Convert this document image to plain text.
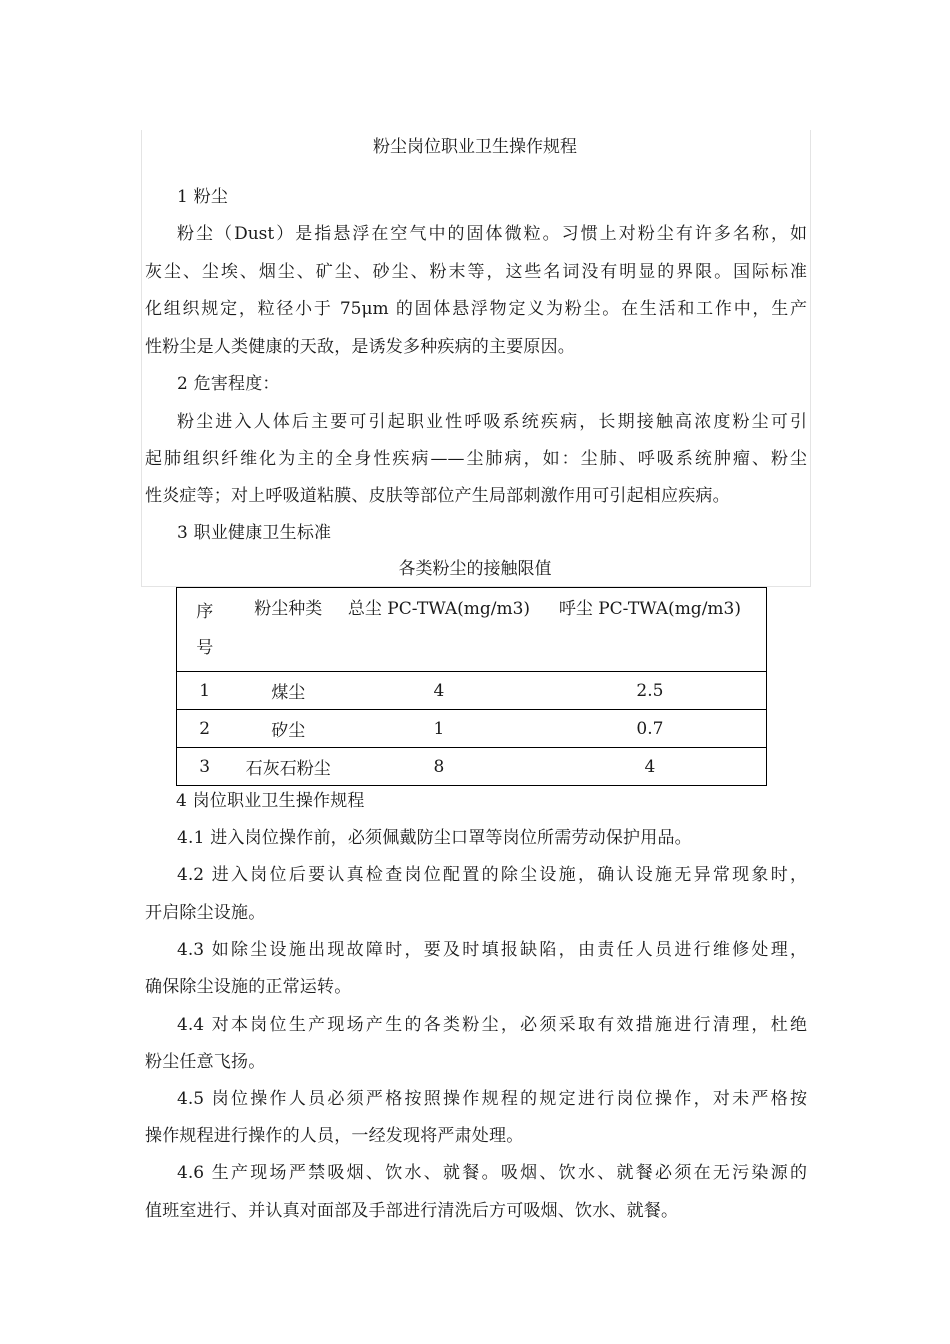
粉尘岗位职业卫生操作规程
1 粉尘
粉尘（Dust）是指悬浮在空气中的固体微粒。习惯上对粉尘有许多名称，如
灰尘、尘埃、烟尘、矿尘、砂尘、粉末等，这些名词没有明显的界限。国际标准
化组织规定，粒径小于 75μm 的固体悬浮物定义为粉尘。在生活和工作中，生产
性粉尘是人类健康的天敌，是诱发多种疾病的主要原因。
2 危害程度：
粉尘进入人体后主要可引起职业性呼吸系统疾病，长期接触高浓度粉尘可引
起肺组织纤维化为主的全身性疾病——尘肺病，如：尘肺、呼吸系统肿瘤、粉尘
性炎症等；对上呼吸道粘膜、皮肤等部位产生局部刺激作用可引起相应疾病。
3 职业健康卫生标准
各类粉尘的接触限值
序号	粉尘种类	总尘 PC-TWA(mg/m3)	呼尘 PC-TWA(mg/m3)
1	煤尘	4	2.5
2	矽尘	1	0.7
3	石灰石粉尘	8	4
4 岗位职业卫生操作规程
4.1 进入岗位操作前，必须佩戴防尘口罩等岗位所需劳动保护用品。
4.2 进入岗位后要认真检查岗位配置的除尘设施，确认设施无异常现象时，
开启除尘设施。
4.3 如除尘设施出现故障时，要及时填报缺陷，由责任人员进行维修处理，
确保除尘设施的正常运转。
4.4 对本岗位生产现场产生的各类粉尘，必须采取有效措施进行清理，杜绝
粉尘任意飞扬。
4.5 岗位操作人员必须严格按照操作规程的规定进行岗位操作，对未严格按
操作规程进行操作的人员，一经发现将严肃处理。
4.6 生产现场严禁吸烟、饮水、就餐。吸烟、饮水、就餐必须在无污染源的
值班室进行、并认真对面部及手部进行清洗后方可吸烟、饮水、就餐。
